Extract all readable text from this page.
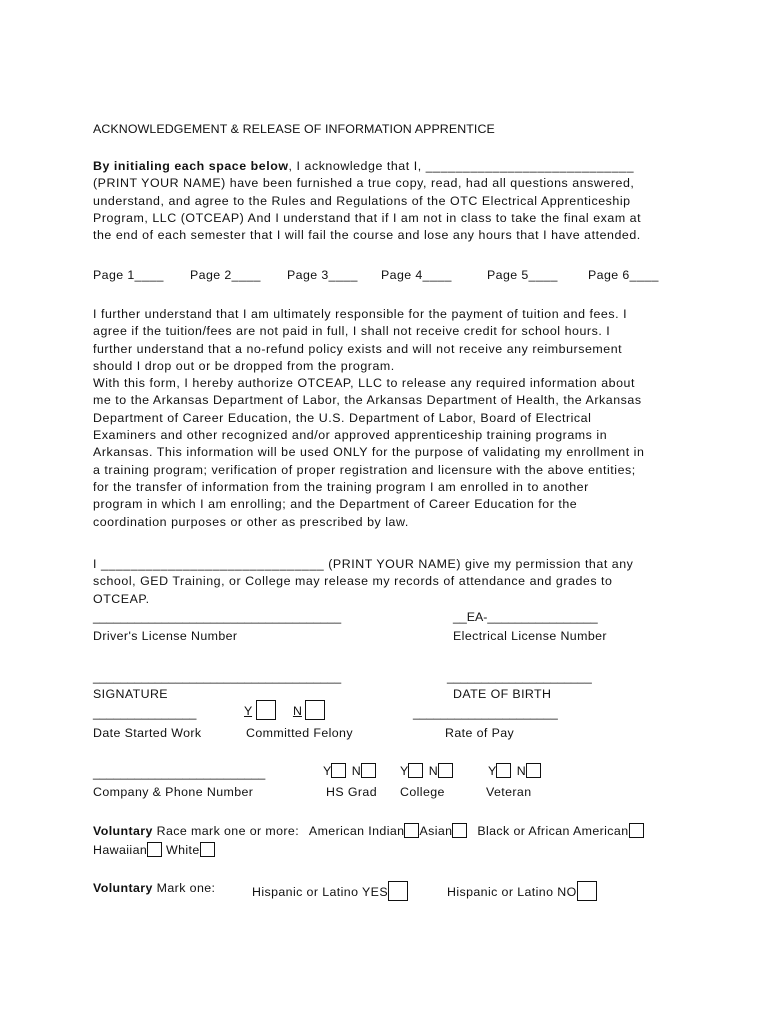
ACKNOWLEDGEMENT & RELEASE OF INFORMATION APPRENTICE
By initialing each space below, I acknowledge that I, ____________________________
(PRINT YOUR NAME) have been furnished a true copy, read, had all questions answered,
understand, and agree to the Rules and Regulations of the OTC Electrical Apprenticeship
Program, LLC (OTCEAP) And I understand that if I am not in class to take the final exam at
the end of each semester that I will fail the course and lose any hours that I have attended.
Page 1____ Page 2____ Page 3____ Page 4____	Page 5____ Page 6____
I further understand that I am ultimately responsible for the payment of tuition and fees. I
agree if the tuition/fees are not paid in full, I shall not receive credit for school hours. I
further understand that a no-refund policy exists and will not receive any reimbursement
should I drop out or be dropped from the program.
With this form, I hereby authorize OTCEAP, LLC to release any required information about
me to the Arkansas Department of Labor, the Arkansas Department of Health, the Arkansas
Department of Career Education, the U.S. Department of Labor, Board of Electrical
Examiners and other recognized and/or approved apprenticeship training programs in
Arkansas. This information will be used ONLY for the purpose of validating my enrollment in
a training program; verification of proper registration and licensure with the above entities;
for the transfer of information from the training program I am enrolled in to another
program in which I am enrolling; and the Department of Career Education for the
coordination purposes or other as prescribed by law.
I ______________________________ (PRINT YOUR NAME) give my permission that any
school, GED Training, or College may release my records of attendance and grades to
OTCEAP.
____________________________________	__EA-________________
Driver's License Number	Electrical License Number
____________________________________	_____________________
SIGNATURE	DATE OF BIRTH
_______________	Y	N	_____________________
Date Started Work	Committed Felony	Rate of Pay
_________________________	Y N	Y N	Y N
Company & Phone Number	HS Grad College	Veteran
Voluntary Race mark one or more: American Indian Asian Black or African American
Hawaiian White
Voluntary Mark one:	Hispanic or Latino YES	Hispanic or Latino NO
